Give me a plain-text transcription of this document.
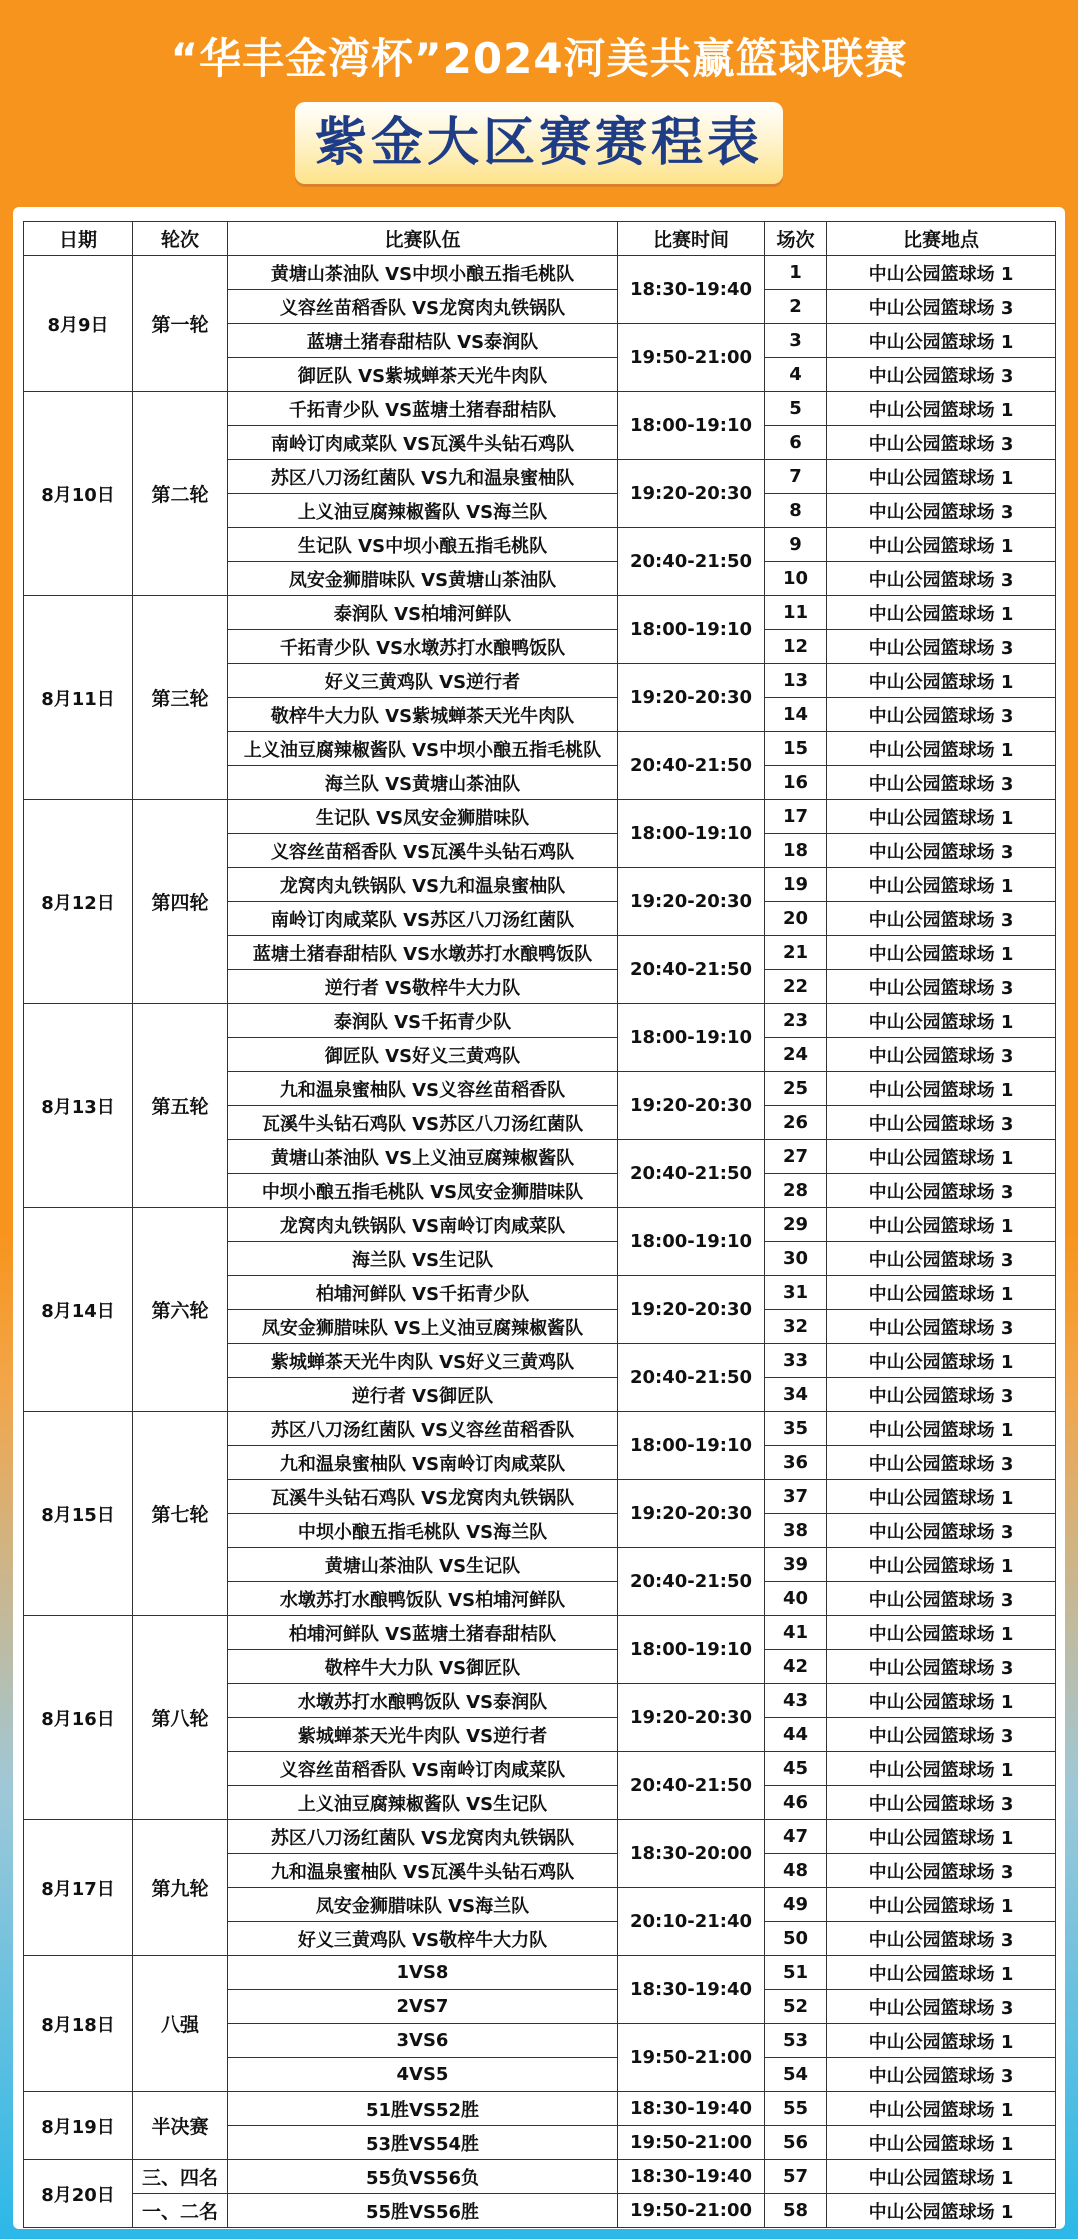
“华丰金湾杯”2024河美共赢篮球联赛
紫金大区赛赛程表
日期	轮次	比赛队伍	比赛时间	场次	比赛地点
8月9日	第一轮	黄塘山茶油队 VS中坝小酿五指毛桃队	18:30-19:40	1	中山公园篮球场 1
		义容丝苗稻香队 VS龙窝肉丸铁锅队		2	中山公园篮球场 3
		蓝塘土猪春甜桔队 VS泰润队	19:50-21:00	3	中山公园篮球场 1
		御匠队 VS紫城蝉茶天光牛肉队		4	中山公园篮球场 3
8月10日	第二轮	千拓青少队 VS蓝塘土猪春甜桔队	18:00-19:10	5	中山公园篮球场 1
		南岭订肉咸菜队 VS瓦溪牛头钻石鸡队		6	中山公园篮球场 3
		苏区八刀汤红菌队 VS九和温泉蜜柚队	19:20-20:30	7	中山公园篮球场 1
		上义油豆腐辣椒酱队 VS海兰队		8	中山公园篮球场 3
		生记队 VS中坝小酿五指毛桃队	20:40-21:50	9	中山公园篮球场 1
		凤安金狮腊味队 VS黄塘山茶油队		10	中山公园篮球场 3
8月11日	第三轮	泰润队 VS柏埔河鲜队	18:00-19:10	11	中山公园篮球场 1
		千拓青少队 VS水墩苏打水酿鸭饭队		12	中山公园篮球场 3
		好义三黄鸡队 VS逆行者	19:20-20:30	13	中山公园篮球场 1
		敬梓牛大力队 VS紫城蝉茶天光牛肉队		14	中山公园篮球场 3
		上义油豆腐辣椒酱队 VS中坝小酿五指毛桃队	20:40-21:50	15	中山公园篮球场 1
		海兰队 VS黄塘山茶油队		16	中山公园篮球场 3
8月12日	第四轮	生记队 VS凤安金狮腊味队	18:00-19:10	17	中山公园篮球场 1
		义容丝苗稻香队 VS瓦溪牛头钻石鸡队		18	中山公园篮球场 3
		龙窝肉丸铁锅队 VS九和温泉蜜柚队	19:20-20:30	19	中山公园篮球场 1
		南岭订肉咸菜队 VS苏区八刀汤红菌队		20	中山公园篮球场 3
		蓝塘土猪春甜桔队 VS水墩苏打水酿鸭饭队	20:40-21:50	21	中山公园篮球场 1
		逆行者 VS敬梓牛大力队		22	中山公园篮球场 3
8月13日	第五轮	泰润队 VS千拓青少队	18:00-19:10	23	中山公园篮球场 1
		御匠队 VS好义三黄鸡队		24	中山公园篮球场 3
		九和温泉蜜柚队 VS义容丝苗稻香队	19:20-20:30	25	中山公园篮球场 1
		瓦溪牛头钻石鸡队 VS苏区八刀汤红菌队		26	中山公园篮球场 3
		黄塘山茶油队 VS上义油豆腐辣椒酱队	20:40-21:50	27	中山公园篮球场 1
		中坝小酿五指毛桃队 VS凤安金狮腊味队		28	中山公园篮球场 3
8月14日	第六轮	龙窝肉丸铁锅队 VS南岭订肉咸菜队	18:00-19:10	29	中山公园篮球场 1
		海兰队 VS生记队		30	中山公园篮球场 3
		柏埔河鲜队 VS千拓青少队	19:20-20:30	31	中山公园篮球场 1
		凤安金狮腊味队 VS上义油豆腐辣椒酱队		32	中山公园篮球场 3
		紫城蝉茶天光牛肉队 VS好义三黄鸡队	20:40-21:50	33	中山公园篮球场 1
		逆行者 VS御匠队		34	中山公园篮球场 3
8月15日	第七轮	苏区八刀汤红菌队 VS义容丝苗稻香队	18:00-19:10	35	中山公园篮球场 1
		九和温泉蜜柚队 VS南岭订肉咸菜队		36	中山公园篮球场 3
		瓦溪牛头钻石鸡队 VS龙窝肉丸铁锅队	19:20-20:30	37	中山公园篮球场 1
		中坝小酿五指毛桃队 VS海兰队		38	中山公园篮球场 3
		黄塘山茶油队 VS生记队	20:40-21:50	39	中山公园篮球场 1
		水墩苏打水酿鸭饭队 VS柏埔河鲜队		40	中山公园篮球场 3
8月16日	第八轮	柏埔河鲜队 VS蓝塘土猪春甜桔队	18:00-19:10	41	中山公园篮球场 1
		敬梓牛大力队 VS御匠队		42	中山公园篮球场 3
		水墩苏打水酿鸭饭队 VS泰润队	19:20-20:30	43	中山公园篮球场 1
		紫城蝉茶天光牛肉队 VS逆行者		44	中山公园篮球场 3
		义容丝苗稻香队 VS南岭订肉咸菜队	20:40-21:50	45	中山公园篮球场 1
		上义油豆腐辣椒酱队 VS生记队		46	中山公园篮球场 3
8月17日	第九轮	苏区八刀汤红菌队 VS龙窝肉丸铁锅队	18:30-20:00	47	中山公园篮球场 1
		九和温泉蜜柚队 VS瓦溪牛头钻石鸡队		48	中山公园篮球场 3
		凤安金狮腊味队 VS海兰队	20:10-21:40	49	中山公园篮球场 1
		好义三黄鸡队 VS敬梓牛大力队		50	中山公园篮球场 3
8月18日	八强	1VS8	18:30-19:40	51	中山公园篮球场 1
		2VS7		52	中山公园篮球场 3
		3VS6	19:50-21:00	53	中山公园篮球场 1
		4VS5		54	中山公园篮球场 3
8月19日	半决赛	51胜VS52胜	18:30-19:40	55	中山公园篮球场 1
		53胜VS54胜	19:50-21:00	56	中山公园篮球场 1
8月20日	三、四名	55负VS56负	18:30-19:40	57	中山公园篮球场 1
	一、二名	55胜VS56胜	19:50-21:00	58	中山公园篮球场 1
